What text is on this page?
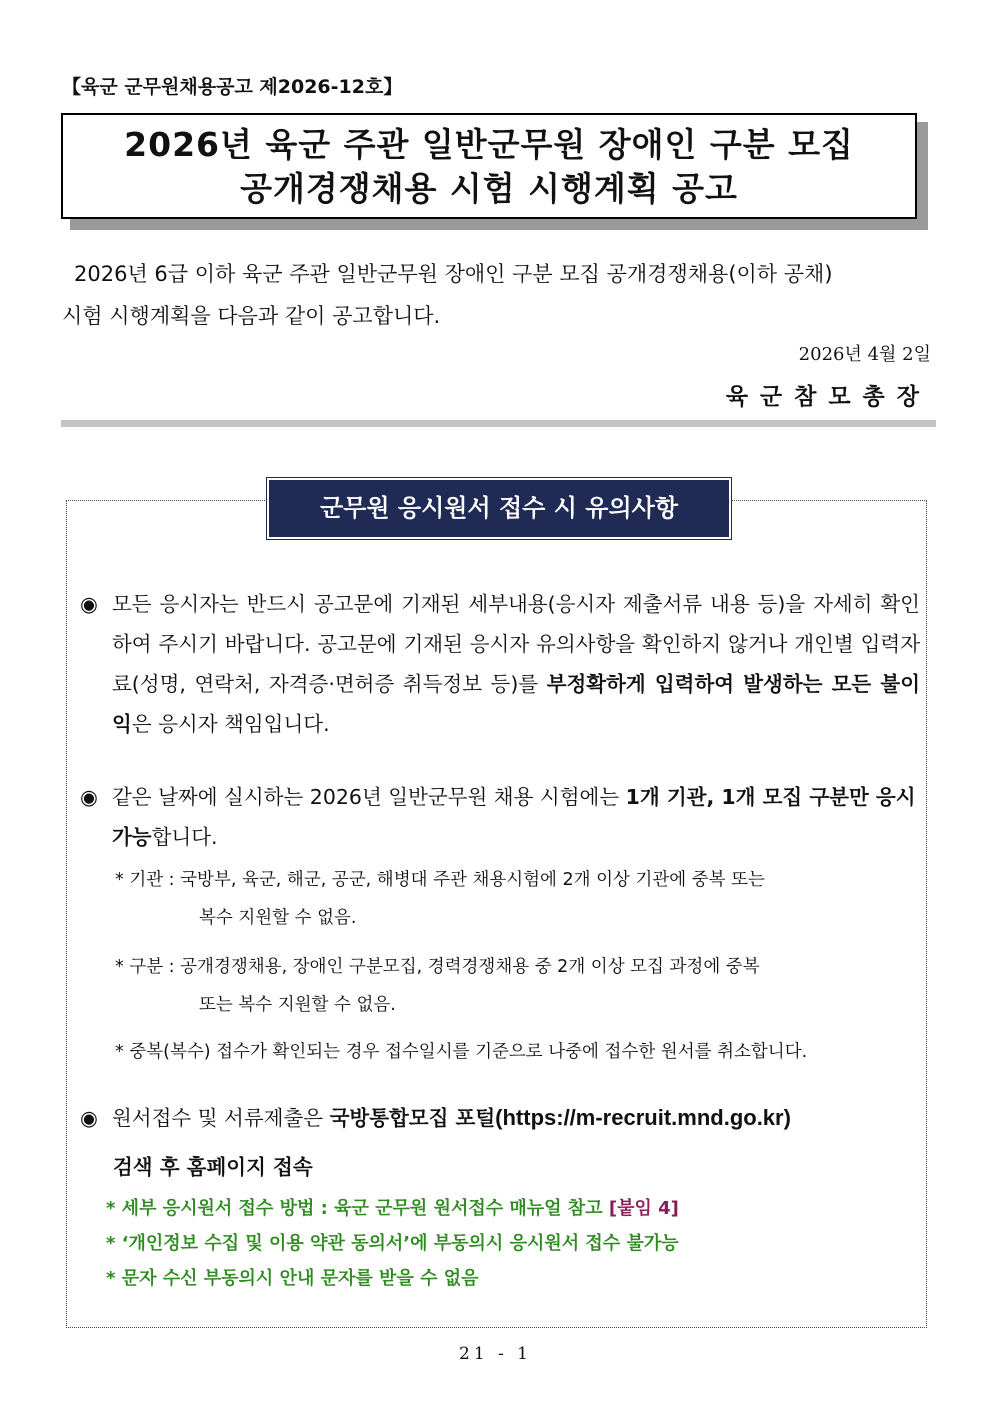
【육군 군무원채용공고 제2026-12호】
2026년 육군 주관 일반군무원 장애인 구분 모집
공개경쟁채용 시험 시행계획 공고
2026년 6급 이하 육군 주관 일반군무원 장애인 구분 모집 공개경쟁채용(이하 공채)
시험 시행계획을 다음과 같이 공고합니다.
2026년 4월 2일
육군참모총장
군무원 응시원서 접수 시 유의사항
◉ 모든 응시자는 반드시 공고문에 기재된 세부내용(응시자 제출서류 내용 등)을 자세히 확인하여 주시기 바랍니다. 공고문에 기재된 응시자 유의사항을 확인하지 않거나 개인별 입력자료(성명, 연락처, 자격증·면허증 취득정보 등)를 부정확하게 입력하여 발생하는 모든 불이익은 응시자 책임입니다.
◉ 같은 날짜에 실시하는 2026년 일반군무원 채용 시험에는 1개 기관, 1개 모집 구분만 응시 가능합니다.
* 기관 : 국방부, 육군, 해군, 공군, 해병대 주관 채용시험에 2개 이상 기관에 중복 또는
복수 지원할 수 없음.
* 구분 : 공개경쟁채용, 장애인 구분모집, 경력경쟁채용 중 2개 이상 모집 과정에 중복
또는 복수 지원할 수 없음.
* 중복(복수) 접수가 확인되는 경우 접수일시를 기준으로 나중에 접수한 원서를 취소합니다.
◉ 원서접수 및 서류제출은 국방통합모집 포털(https://m-recruit.mnd.go.kr)
검색 후 홈페이지 접속
* 세부 응시원서 접수 방법 : 육군 군무원 원서접수 매뉴얼 참고 [붙임 4]
* ‘개인정보 수집 및 이용 약관 동의서’에 부동의시 응시원서 접수 불가능
* 문자 수신 부동의시 안내 문자를 받을 수 없음
21 - 1
